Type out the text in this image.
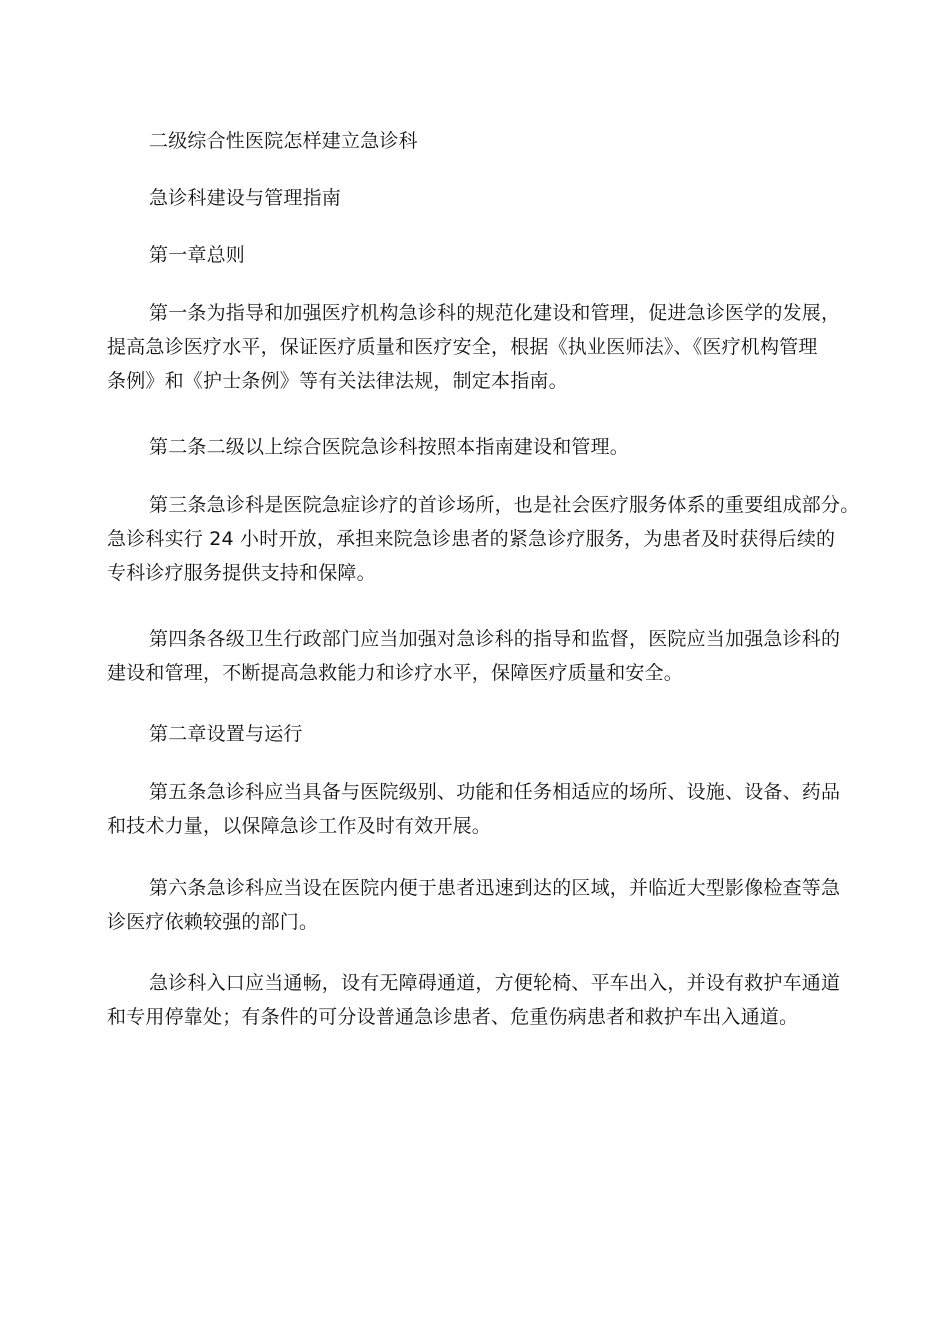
二级综合性医院怎样建立急诊科
急诊科建设与管理指南
第一章总则
第一条为指导和加强医疗机构急诊科的规范化建设和管理，促进急诊医学的发展，
提高急诊医疗水平，保证医疗质量和医疗安全，根据《执业医师法》、《医疗机构管理
条例》和《护士条例》等有关法律法规，制定本指南。
第二条二级以上综合医院急诊科按照本指南建设和管理。
第三条急诊科是医院急症诊疗的首诊场所，也是社会医疗服务体系的重要组成部分。
急诊科实行 24 小时开放，承担来院急诊患者的紧急诊疗服务，为患者及时获得后续的
专科诊疗服务提供支持和保障。
第四条各级卫生行政部门应当加强对急诊科的指导和监督，医院应当加强急诊科的
建设和管理，不断提高急救能力和诊疗水平，保障医疗质量和安全。
第二章设置与运行
第五条急诊科应当具备与医院级别、功能和任务相适应的场所、设施、设备、药品
和技术力量，以保障急诊工作及时有效开展。
第六条急诊科应当设在医院内便于患者迅速到达的区域，并临近大型影像检查等急
诊医疗依赖较强的部门。
急诊科入口应当通畅，设有无障碍通道，方便轮椅、平车出入，并设有救护车通道
和专用停靠处；有条件的可分设普通急诊患者、危重伤病患者和救护车出入通道。
